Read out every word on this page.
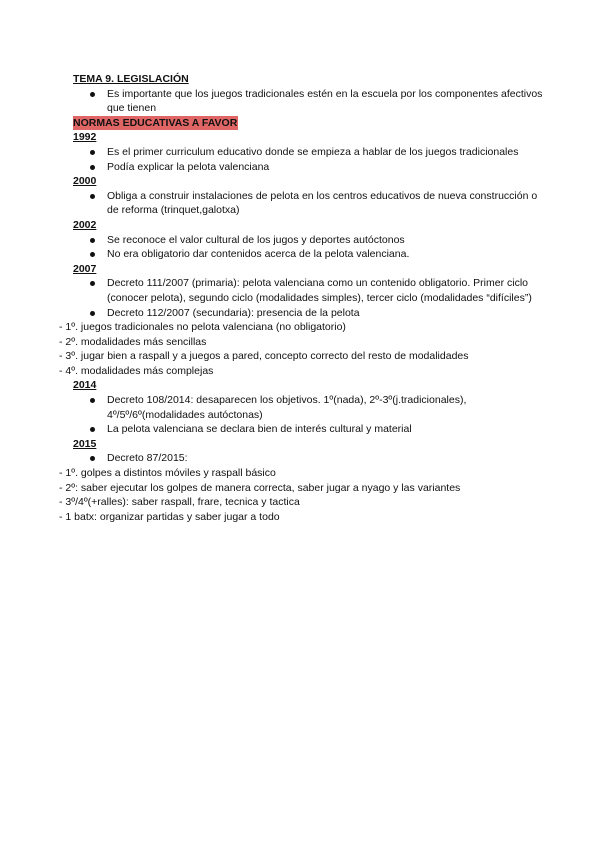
TEMA 9. LEGISLACIÓN
Es importante que los juegos tradicionales estén en la escuela por los componentes afectivos que tienen
NORMAS EDUCATIVAS A FAVOR
1992
Es el primer curriculum educativo donde se empieza a hablar de los juegos tradicionales
Podía explicar la pelota valenciana
2000
Obliga a construir instalaciones de pelota en los centros educativos de nueva construcción o de reforma (trinquet,galotxa)
2002
Se reconoce el valor cultural de los jugos y deportes autóctonos
No era obligatorio dar contenidos acerca de la pelota valenciana.
2007
Decreto 111/2007 (primaria): pelota valenciana como un contenido obligatorio. Primer ciclo (conocer pelota), segundo ciclo (modalidades simples), tercer ciclo (modalidades “difíciles”)
Decreto 112/2007 (secundaria): presencia de la pelota
- 1º. juegos tradicionales no pelota valenciana (no obligatorio)
- 2º. modalidades más sencillas
- 3º. jugar bien a raspall y a juegos a pared, concepto correcto del resto de modalidades
- 4º. modalidades más complejas
2014
Decreto 108/2014: desaparecen los objetivos. 1º(nada), 2º-3º(j.tradicionales), 4º/5º/6º(modalidades autóctonas)
La pelota valenciana se declara bien de interés cultural y material
2015
Decreto 87/2015:
- 1º. golpes a distintos móviles y raspall básico
- 2º: saber ejecutar los golpes de manera correcta, saber jugar a nyago y las variantes
- 3º/4º(+ralles): saber raspall, frare, tecnica y tactica
- 1 batx: organizar partidas y saber jugar a todo
